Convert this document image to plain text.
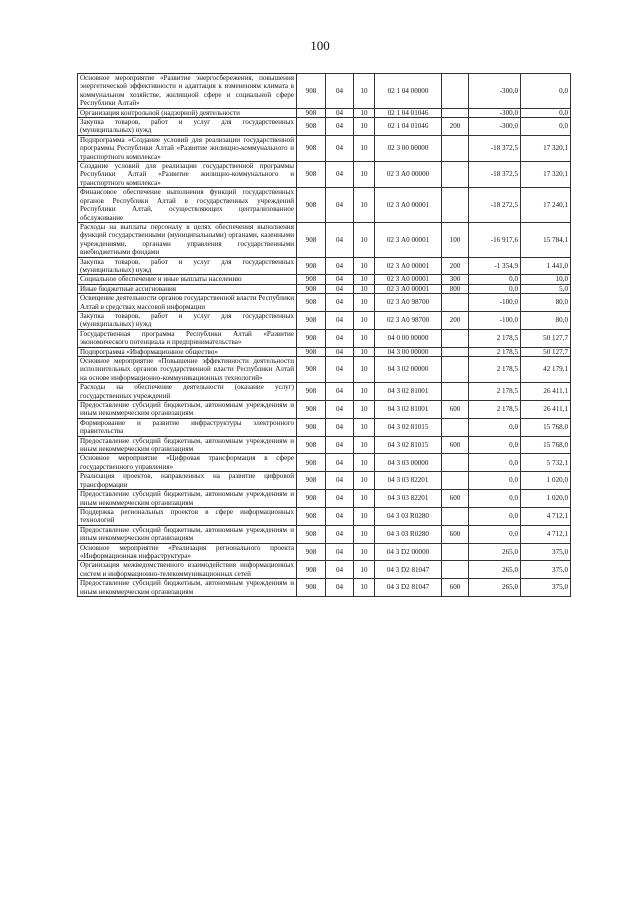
100
Основное мероприятие «Развитие энергосбережения, повышения энергетической эффективности и адаптация к изменениям климата в коммунальном хозяйстве, жилищной сфере и социальной сфере Республики Алтай»	908	04	10	02 1 04 00000		-300,0	0,0
Организация контрольной (надзорной) деятельности	908	04	10	02 1 04 01046		-300,0	0,0
Закупка товаров, работ и услуг для государственных (муниципальных) нужд	908	04	10	02 1 04 01046	200	-300,0	0,0
Подпрограмма «Создание условий для реализации государственной программы Республики Алтай «Развитие жилищно-коммунального и транспортного комплекса»	908	04	10	02 3 00 00000		-18 372,5	17 320,1
Создание условий для реализации государственной программы Республики Алтай «Развитие жилищно-коммунального и транспортного комплекса»	908	04	10	02 3 А0 00000		-18 372,5	17 320,1
Финансовое обеспечение выполнения функций государственных органов Республики Алтай в государственных учреждений Республики Алтай, осуществляющих централизованное обслуживание	908	04	10	02 3 А0 00001		-18 272,5	17 240,1
Расходы на выплаты персоналу в целях обеспечения выполнения функций государственными (муниципальными) органами, казенными учреждениями, органами управления государственными внебюджетными фондами	908	04	10	02 3 А0 00001	100	-16 917,6	15 784,1
Закупка товаров, работ и услуг для государственных (муниципальных) нужд	908	04	10	02 3 А0 00001	200	-1 354,9	1 441,0
Социальное обеспечение и иные выплаты населению	908	04	10	02 3 А0 00001	300	0,0	10,0
Иные бюджетные ассигнования	908	04	10	02 3 А0 00001	800	0,0	5,0
Освещение деятельности органов государственной власти Республики Алтай в средствах массовой информации	908	04	10	02 3 А0 98700		-100,0	80,0
Закупка товаров, работ и услуг для государственных (муниципальных) нужд	908	04	10	02 3 А0 98700	200	-100,0	80,0
Государственная программа Республики Алтай «Развитие экономического потенциала и предпринимательства»	908	04	10	04 0 00 00000		2 178,5	50 127,7
Подпрограмма «Информационное общество»	908	04	10	04 3 00 00000		2 178,5	50 127,7
Основное мероприятие «Повышение эффективности деятельности исполнительных органов государственной власти Республики Алтай на основе информационно-коммуникационных технологий»	908	04	10	04 3 02 00000		2 178,5	42 179,1
Расходы на обеспечение деятельности (оказание услуг) государственных учреждений	908	04	10	04 3 02 81001		2 178,5	26 411,1
Предоставление субсидий бюджетным, автономным учреждениям и иным некоммерческим организациям	908	04	10	04 3 02 81001	600	2 178,5	26 411,1
Формирование и развитие инфраструктуры электронного правительства	908	04	10	04 3 02 81015		0,0	15 768,0
Предоставление субсидий бюджетным, автономным учреждениям и иным некоммерческим организациям	908	04	10	04 3 02 81015	600	0,0	15 768,0
Основное мероприятие «Цифровая трансформация в сфере государственного управления»	908	04	10	04 3 03 00000		0,0	5 732,1
Реализация проектов, направленных на развитие цифровой трансформации	908	04	10	04 3 03 82201		0,0	1 020,0
Предоставление субсидий бюджетным, автономным учреждениям и иным некоммерческим организациям	908	04	10	04 3 03 82201	600	0,0	1 020,0
Поддержка региональных проектов в сфере информационных технологий	908	04	10	04 3 03 R0280		0,0	4 712,1
Предоставление субсидий бюджетным, автономным учреждениям и иным некоммерческим организациям	908	04	10	04 3 03 R0280	600	0,0	4 712,1
Основное мероприятие «Реализация регионального проекта «Информационная инфраструктура»	908	04	10	04 3 D2 00000		265,0	375,0
Организация межведомственного взаимодействия информационных систем и информационно-телекоммуникационных сетей	908	04	10	04 3 D2 81047		265,0	375,0
Предоставление субсидий бюджетным, автономным учреждениям и иным некоммерческим организациям	908	04	10	04 3 D2 81047	600	265,0	375,0
